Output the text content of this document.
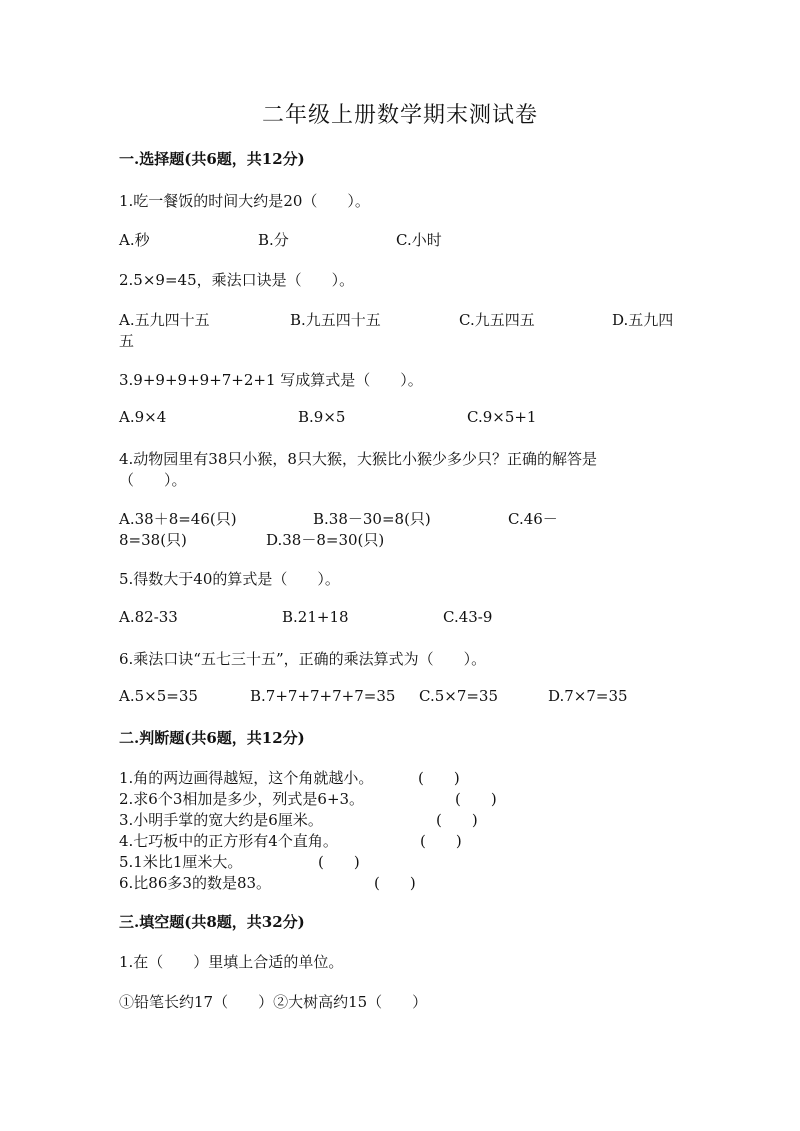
二年级上册数学期末测试卷
一.选择题(共6题，共12分)
1.吃一餐饭的时间大约是20（　　）。
A.秒	B.分	C.小时
2.5×9=45，乘法口诀是（　　）。
A.五九四十五	B.九五四十五	C.九五四五	D.五九四
五
3.9+9+9+9+7+2+1 写成算式是（　　）。
A.9×4	B.9×5	C.9×5+1
4.动物园里有38只小猴，8只大猴，大猴比小猴少多少只？正确的解答是
（　　）。
A.38＋8=46(只)	B.38－30=8(只)	C.46－
8=38(只)	D.38－8=30(只)
5.得数大于40的算式是（　　）。
A.82-33	B.21+18	C.43-9
6.乘法口诀“五七三十五”，正确的乘法算式为（　　）。
A.5×5=35	B.7+7+7+7+7=35 C.5×7=35	D.7×7=35
二.判断题(共6题，共12分)
1.角的两边画得越短，这个角就越小。	(　　)
2.求6个3相加是多少，列式是6+3。	(　　)
3.小明手掌的宽大约是6厘米。	(　　)
4.七巧板中的正方形有4个直角。	(　　)
5.1米比1厘米大。	(　　)
6.比86多3的数是83。	(　　)
三.填空题(共8题，共32分)
1.在（　　）里填上合适的单位。
①铅笔长约17（　　）②大树高约15（　　）
